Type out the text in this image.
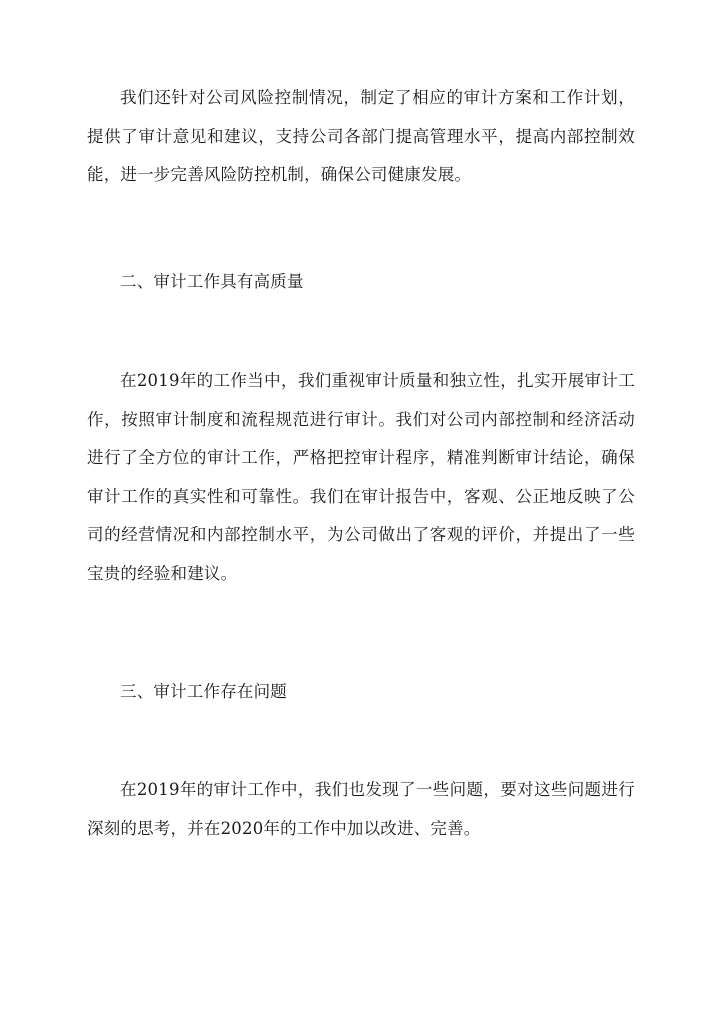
我们还针对公司风险控制情况，制定了相应的审计方案和工作计划，提供了审计意见和建议，支持公司各部门提高管理水平，提高内部控制效能，进一步完善风险防控机制，确保公司健康发展。

二、审计工作具有高质量

在2019年的工作当中，我们重视审计质量和独立性，扎实开展审计工作，按照审计制度和流程规范进行审计。我们对公司内部控制和经济活动进行了全方位的审计工作，严格把控审计程序，精准判断审计结论，确保审计工作的真实性和可靠性。我们在审计报告中，客观、公正地反映了公司的经营情况和内部控制水平，为公司做出了客观的评价，并提出了一些宝贵的经验和建议。

三、审计工作存在问题

在2019年的审计工作中，我们也发现了一些问题，要对这些问题进行深刻的思考，并在2020年的工作中加以改进、完善。
